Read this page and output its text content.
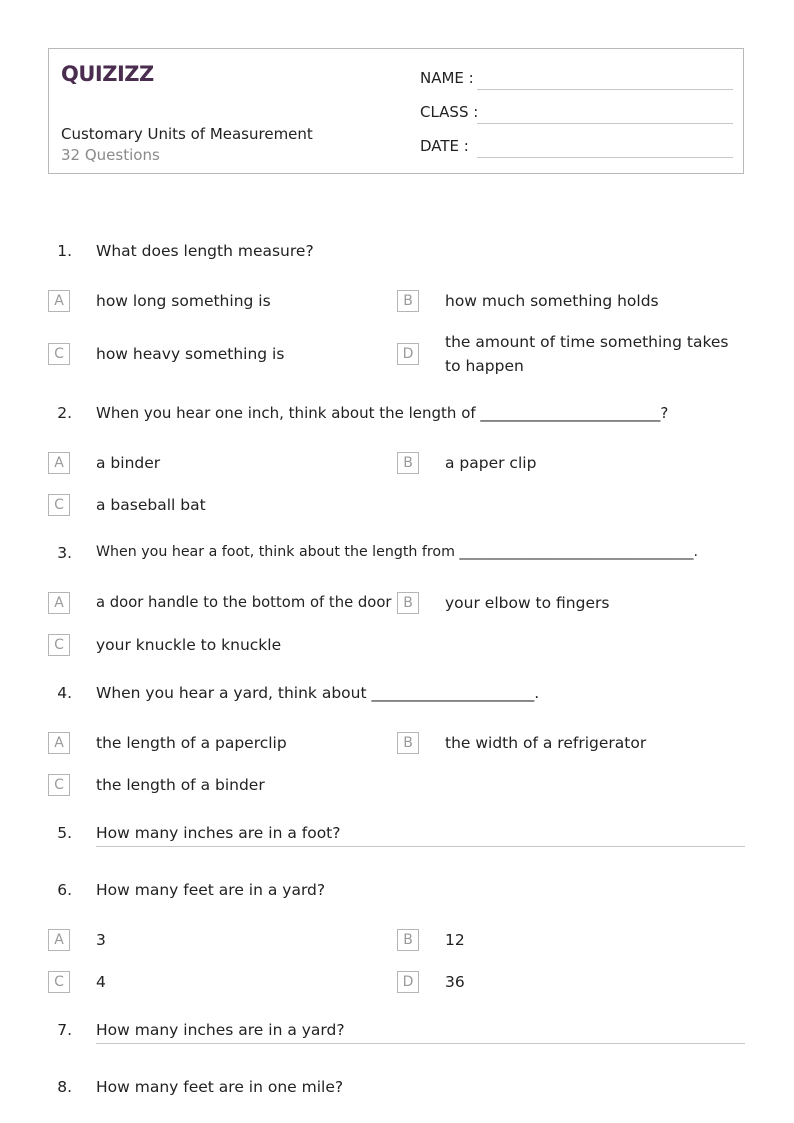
QUIZIZZ
Customary Units of Measurement
32 Questions
NAME :
CLASS :
DATE :
1. What does length measure?
A	how long something is	B	how much something holds
C	how heavy something is	D
the amount of time something takes to happen
2. When you hear one inch, think about the length of ________________________?
A	a binder	B	a paper clip
C	a baseball bat
3. When you hear a foot, think about the length from _________________________________.
A	a door handle to the bottom of the door B	your elbow to fingers
C	your knuckle to knuckle
4. When you hear a yard, think about _____________________.
A	the length of a paperclip	B	the width of a refrigerator
C	the length of a binder
5. How many inches are in a foot?
6. How many feet are in a yard?
A	3	B	12
C	4	D	36
7. How many inches are in a yard?
8. How many feet are in one mile?
